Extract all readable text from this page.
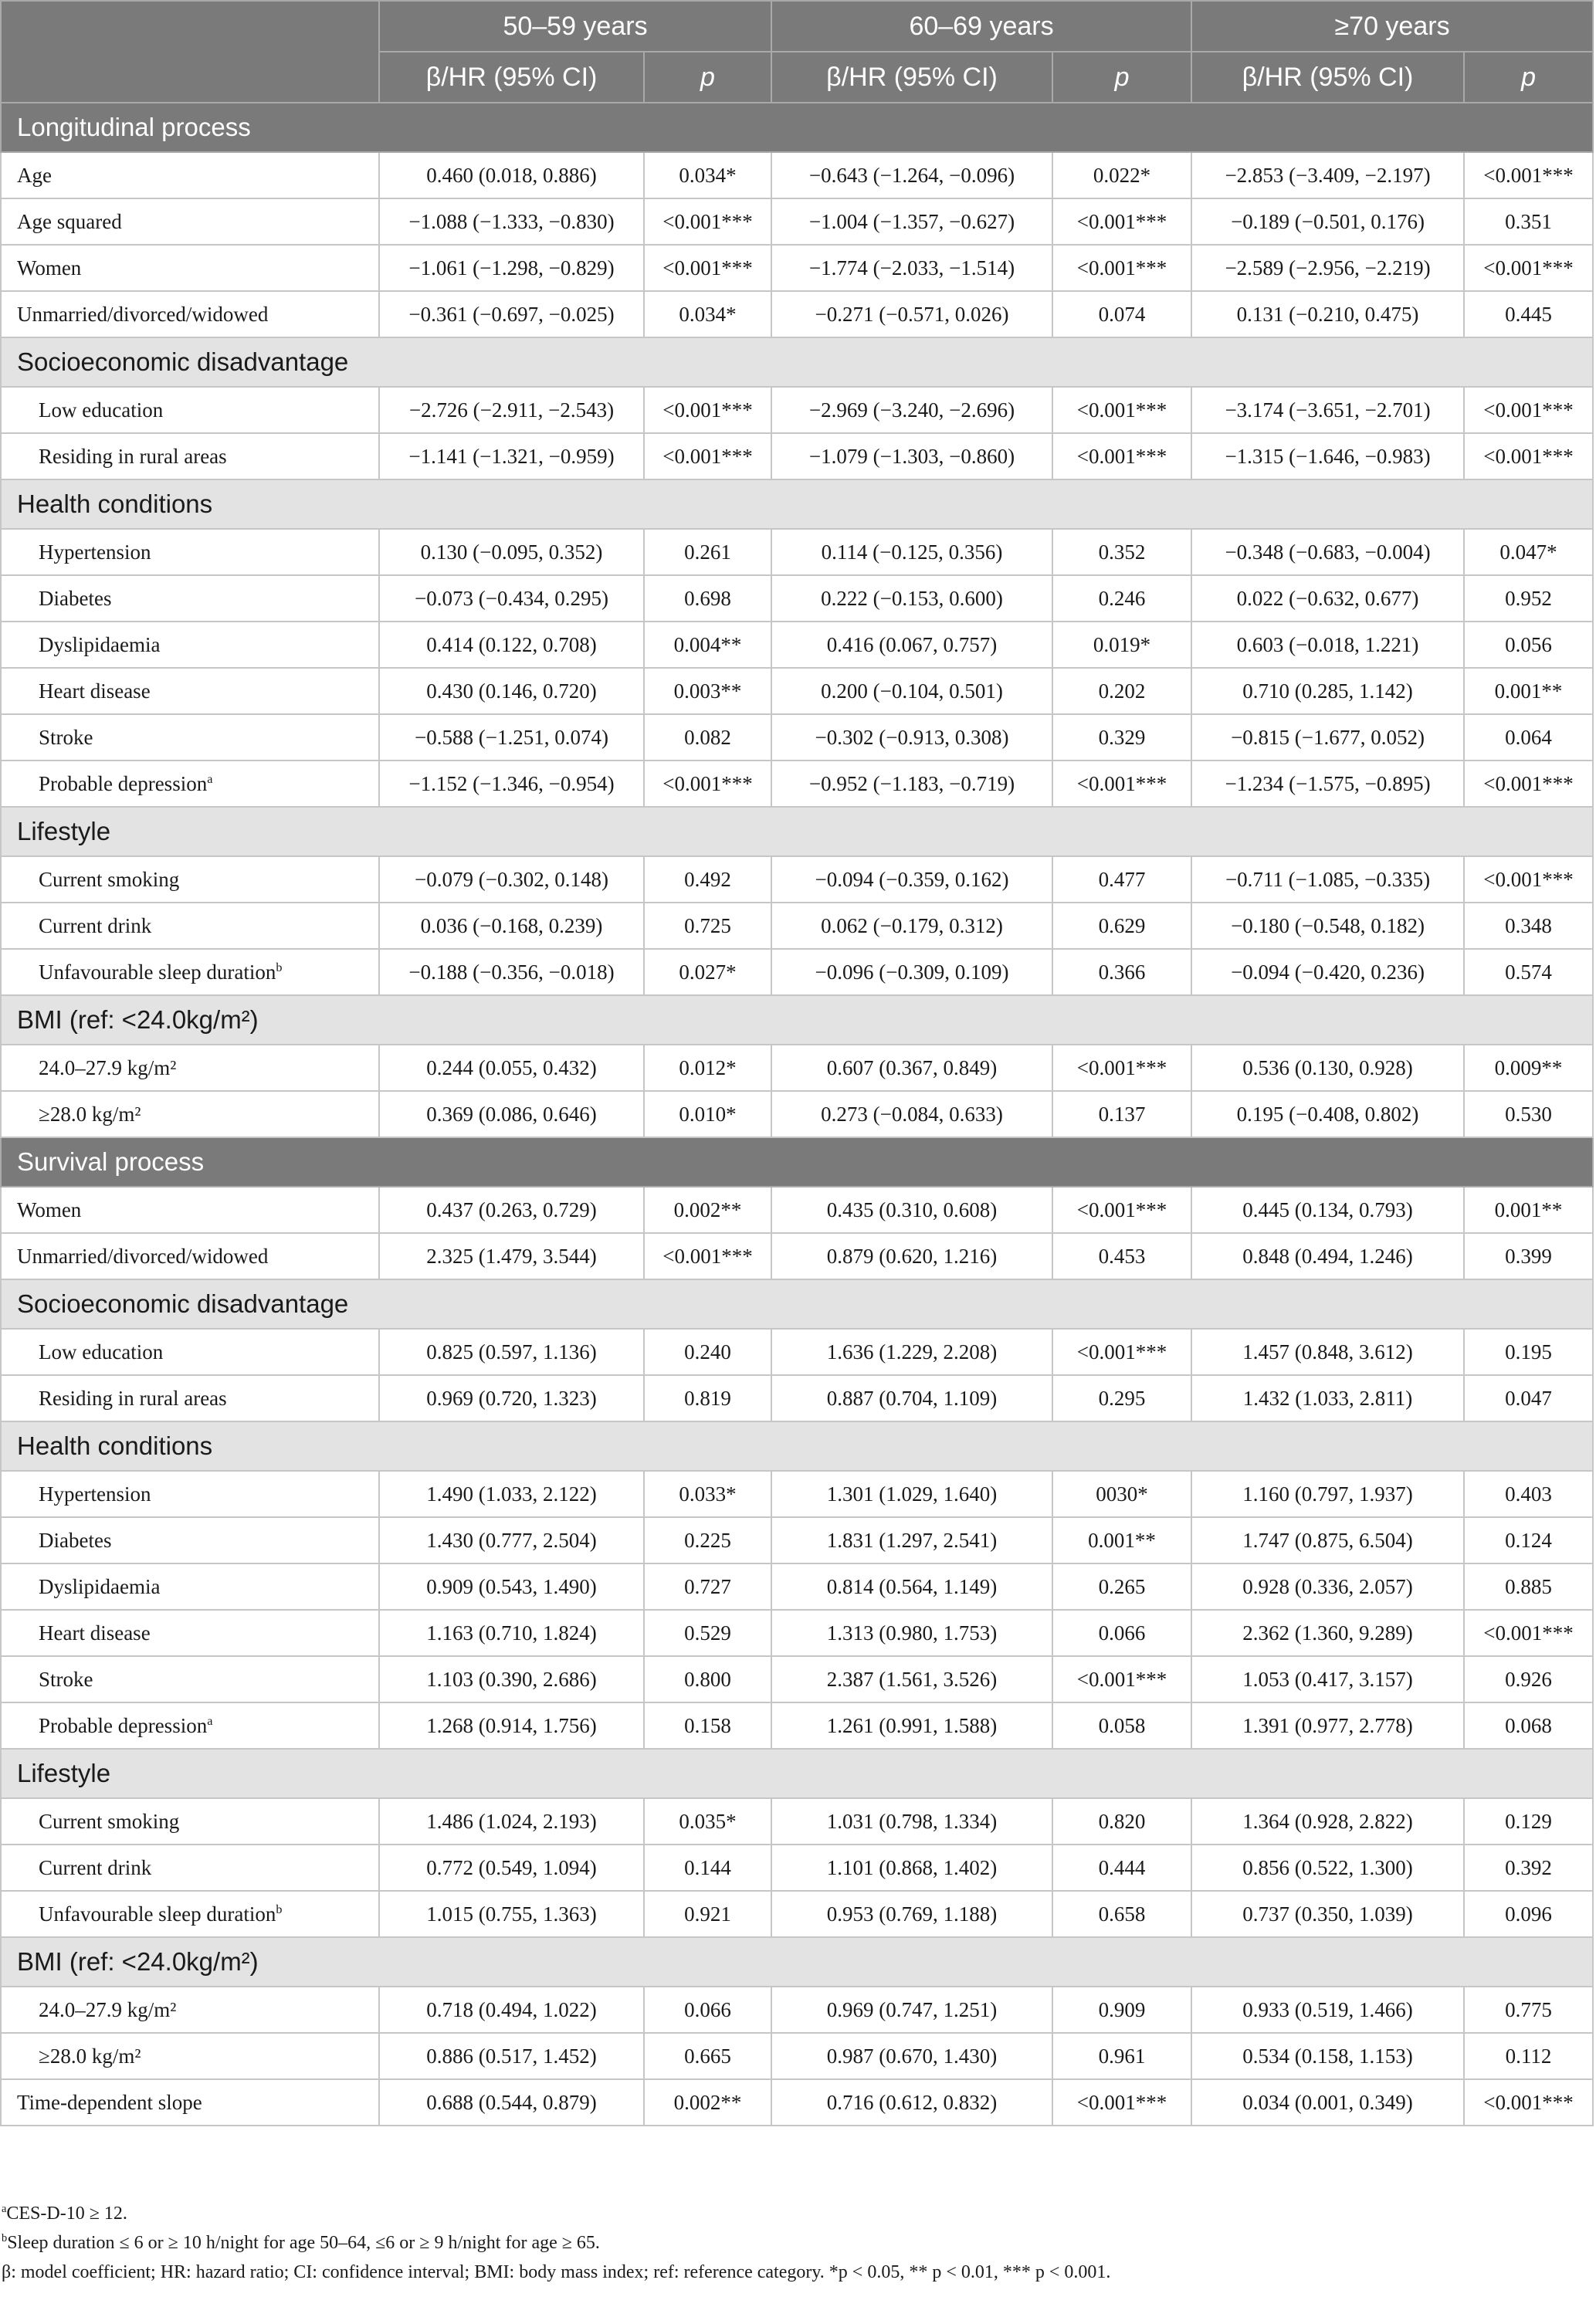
	50–59 years		60–69 years		≥70 years	
	β/HR (95% CI)	p	β/HR (95% CI)	p	β/HR (95% CI)	p
Longitudinal process						
Age	0.460 (0.018, 0.886)	0.034*	−0.643 (−1.264, −0.096)	0.022*	−2.853 (−3.409, −2.197)	<0.001***
Age squared	−1.088 (−1.333, −0.830)	<0.001***	−1.004 (−1.357, −0.627)	<0.001***	−0.189 (−0.501, 0.176)	0.351
Women	−1.061 (−1.298, −0.829)	<0.001***	−1.774 (−2.033, −1.514)	<0.001***	−2.589 (−2.956, −2.219)	<0.001***
Unmarried/divorced/widowed	−0.361 (−0.697, −0.025)	0.034*	−0.271 (−0.571, 0.026)	0.074	0.131 (−0.210, 0.475)	0.445
Socioeconomic disadvantage						
Low education	−2.726 (−2.911, −2.543)	<0.001***	−2.969 (−3.240, −2.696)	<0.001***	−3.174 (−3.651, −2.701)	<0.001***
Residing in rural areas	−1.141 (−1.321, −0.959)	<0.001***	−1.079 (−1.303, −0.860)	<0.001***	−1.315 (−1.646, −0.983)	<0.001***
Health conditions						
Hypertension	0.130 (−0.095, 0.352)	0.261	0.114 (−0.125, 0.356)	0.352	−0.348 (−0.683, −0.004)	0.047*
Diabetes	−0.073 (−0.434, 0.295)	0.698	0.222 (−0.153, 0.600)	0.246	0.022 (−0.632, 0.677)	0.952
Dyslipidaemia	0.414 (0.122, 0.708)	0.004**	0.416 (0.067, 0.757)	0.019*	0.603 (−0.018, 1.221)	0.056
Heart disease	0.430 (0.146, 0.720)	0.003**	0.200 (−0.104, 0.501)	0.202	0.710 (0.285, 1.142)	0.001**
Stroke	−0.588 (−1.251, 0.074)	0.082	−0.302 (−0.913, 0.308)	0.329	−0.815 (−1.677, 0.052)	0.064
Probable depression$^a$	−1.152 (−1.346, −0.954)	<0.001***	−0.952 (−1.183, −0.719)	<0.001***	−1.234 (−1.575, −0.895)	<0.001***
Lifestyle						
Current smoking	−0.079 (−0.302, 0.148)	0.492	−0.094 (−0.359, 0.162)	0.477	−0.711 (−1.085, −0.335)	<0.001***
Current drink	0.036 (−0.168, 0.239)	0.725	0.062 (−0.179, 0.312)	0.629	−0.180 (−0.548, 0.182)	0.348
Unfavourable sleep duration$^b$	−0.188 (−0.356, −0.018)	0.027*	−0.096 (−0.309, 0.109)	0.366	−0.094 (−0.420, 0.236)	0.574
BMI (ref: <24.0kg/m²)						
24.0–27.9 kg/m²	0.244 (0.055, 0.432)	0.012*	0.607 (0.367, 0.849)	<0.001***	0.536 (0.130, 0.928)	0.009**
≥28.0 kg/m²	0.369 (0.086, 0.646)	0.010*	0.273 (−0.084, 0.633)	0.137	0.195 (−0.408, 0.802)	0.530
Survival process						
Women	0.437 (0.263, 0.729)	0.002**	0.435 (0.310, 0.608)	<0.001***	0.445 (0.134, 0.793)	0.001**
Unmarried/divorced/widowed	2.325 (1.479, 3.544)	<0.001***	0.879 (0.620, 1.216)	0.453	0.848 (0.494, 1.246)	0.399
Socioeconomic disadvantage						
Low education	0.825 (0.597, 1.136)	0.240	1.636 (1.229, 2.208)	<0.001***	1.457 (0.848, 3.612)	0.195
Residing in rural areas	0.969 (0.720, 1.323)	0.819	0.887 (0.704, 1.109)	0.295	1.432 (1.033, 2.811)	0.047
Health conditions						
Hypertension	1.490 (1.033, 2.122)	0.033*	1.301 (1.029, 1.640)	0030*	1.160 (0.797, 1.937)	0.403
Diabetes	1.430 (0.777, 2.504)	0.225	1.831 (1.297, 2.541)	0.001**	1.747 (0.875, 6.504)	0.124
Dyslipidaemia	0.909 (0.543, 1.490)	0.727	0.814 (0.564, 1.149)	0.265	0.928 (0.336, 2.057)	0.885
Heart disease	1.163 (0.710, 1.824)	0.529	1.313 (0.980, 1.753)	0.066	2.362 (1.360, 9.289)	<0.001***
Stroke	1.103 (0.390, 2.686)	0.800	2.387 (1.561, 3.526)	<0.001***	1.053 (0.417, 3.157)	0.926
Probable depression$^a$	1.268 (0.914, 1.756)	0.158	1.261 (0.991, 1.588)	0.058	1.391 (0.977, 2.778)	0.068
Lifestyle						
Current smoking	1.486 (1.024, 2.193)	0.035*	1.031 (0.798, 1.334)	0.820	1.364 (0.928, 2.822)	0.129
Current drink	0.772 (0.549, 1.094)	0.144	1.101 (0.868, 1.402)	0.444	0.856 (0.522, 1.300)	0.392
Unfavourable sleep duration$^b$	1.015 (0.755, 1.363)	0.921	0.953 (0.769, 1.188)	0.658	0.737 (0.350, 1.039)	0.096
BMI (ref: <24.0kg/m²)						
24.0–27.9 kg/m²	0.718 (0.494, 1.022)	0.066	0.969 (0.747, 1.251)	0.909	0.933 (0.519, 1.466)	0.775
≥28.0 kg/m²	0.886 (0.517, 1.452)	0.665	0.987 (0.670, 1.430)	0.961	0.534 (0.158, 1.153)	0.112
Time-dependent slope	0.688 (0.544, 0.879)	0.002**	0.716 (0.612, 0.832)	<0.001***	0.034 (0.001, 0.349)	<0.001***
$^a$CES-D-10 ≥ 12.
$^b$Sleep duration ≤ 6 or ≥ 10 h/night for age 50–64, ≤6 or ≥ 9 h/night for age ≥ 65.
β: model coefficient; HR: hazard ratio; CI: confidence interval; BMI: body mass index; ref: reference category. *p < 0.05, ** p < 0.01, *** p < 0.001.
